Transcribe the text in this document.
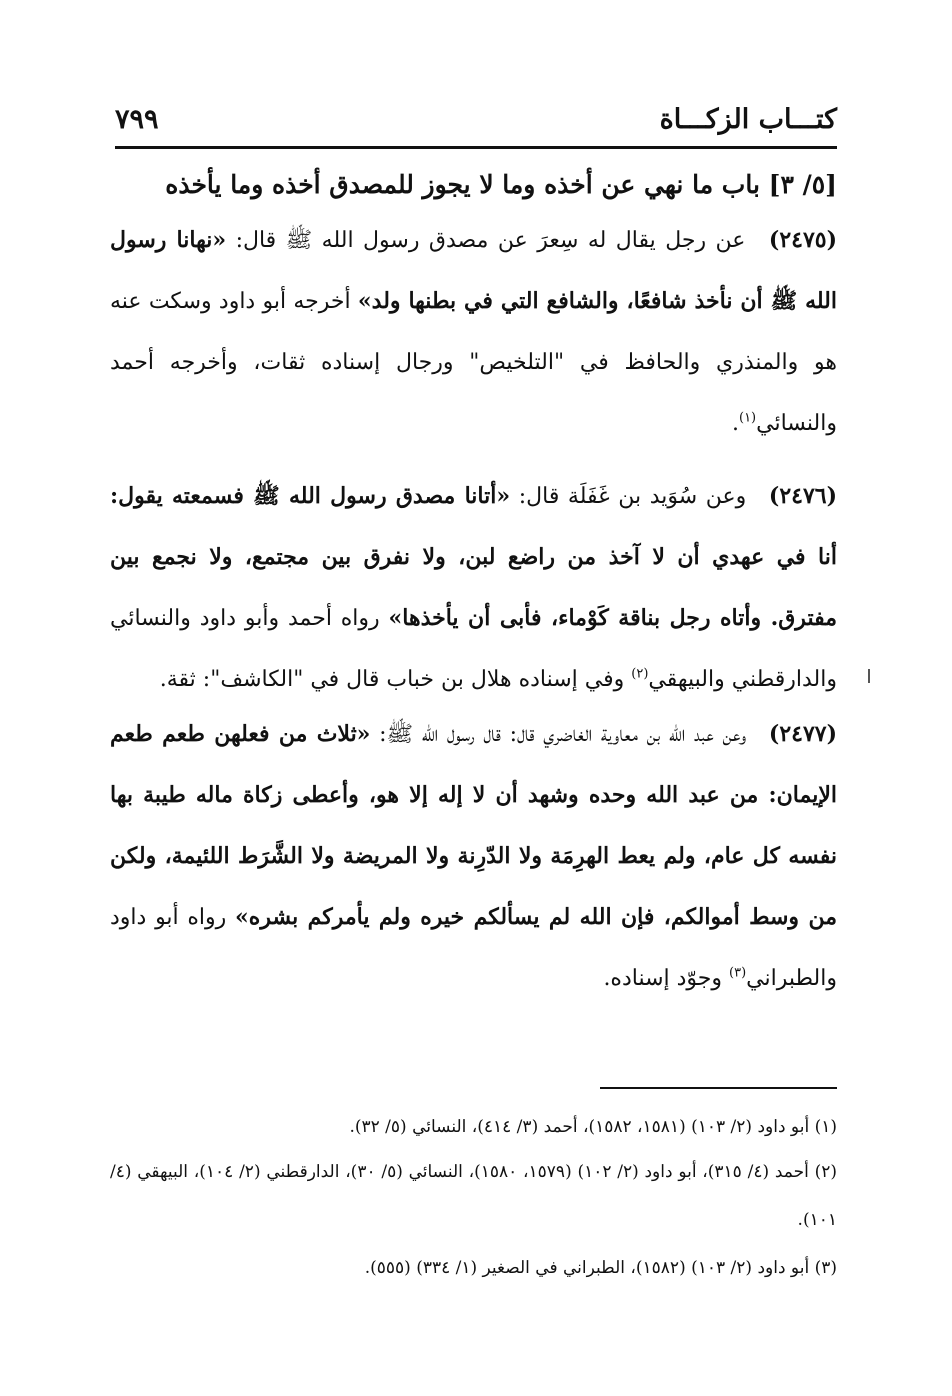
كتـــاب الزكـــاة
٧٩٩
[٥/ ٣] باب ما نهي عن أخذه وما لا يجوز للمصدق أخذه وما يأخذه

(٢٤٧٥) عن رجل يقال له سِعرَ عن مصدق رسول الله ﷺ قال: «نهانا رسول الله ﷺ أن نأخذ شافعًا، والشافع التي في بطنها ولد» أخرجه أبو داود وسكت عنه هو والمنذري والحافظ في "التلخيص" ورجال إسناده ثقات، وأخرجه أحمد والنسائي$^{(١)}$.

(٢٤٧٦) وعن سُوَيد بن غَفَلَة قال: «أتانا مصدق رسول الله ﷺ فسمعته يقول: أنا في عهدي أن لا آخذ من راضع لبن، ولا نفرق بين مجتمع، ولا نجمع بين مفترق. وأتاه رجل بناقة كَوْماء، فأبى أن يأخذها» رواه أحمد وأبو داود والنسائي والدارقطني والبيهقي$^{(٢)}$ وفي إسناده هلال بن خباب قال في "الكاشف": ثقة.

(٢٤٧٧) وعن عبد الله بن معاوية الغاضري قال: قال رسول الله ﷺ: «ثلاث من فعلهن طعم طعم الإيمان: من عبد الله وحده وشهد أن لا إله إلا هو، وأعطى زكاة ماله طيبة بها نفسه كل عام، ولم يعط الهرِمَة ولا الدّرِنة ولا المريضة ولا الشَّرَط اللئيمة، ولكن من وسط أموالكم، فإن الله لم يسألكم خيره ولم يأمركم بشره» رواه أبو داود والطبراني$^{(٣)}$ وجوّد إسناده.

(١) أبو داود (٢/ ١٠٣) (١٥٨١، ١٥٨٢)، أحمد (٣/ ٤١٤)، النسائي (٥/ ٣٢).

(٢) أحمد (٤/ ٣١٥)، أبو داود (٢/ ١٠٢) (١٥٧٩، ١٥٨٠)، النسائي (٥/ ٣٠)، الدارقطني (٢/ ١٠٤)، البيهقي (٤/ ١٠١).

(٣) أبو داود (٢/ ١٠٣) (١٥٨٢)، الطبراني في الصغير (١/ ٣٣٤) (٥٥٥).
